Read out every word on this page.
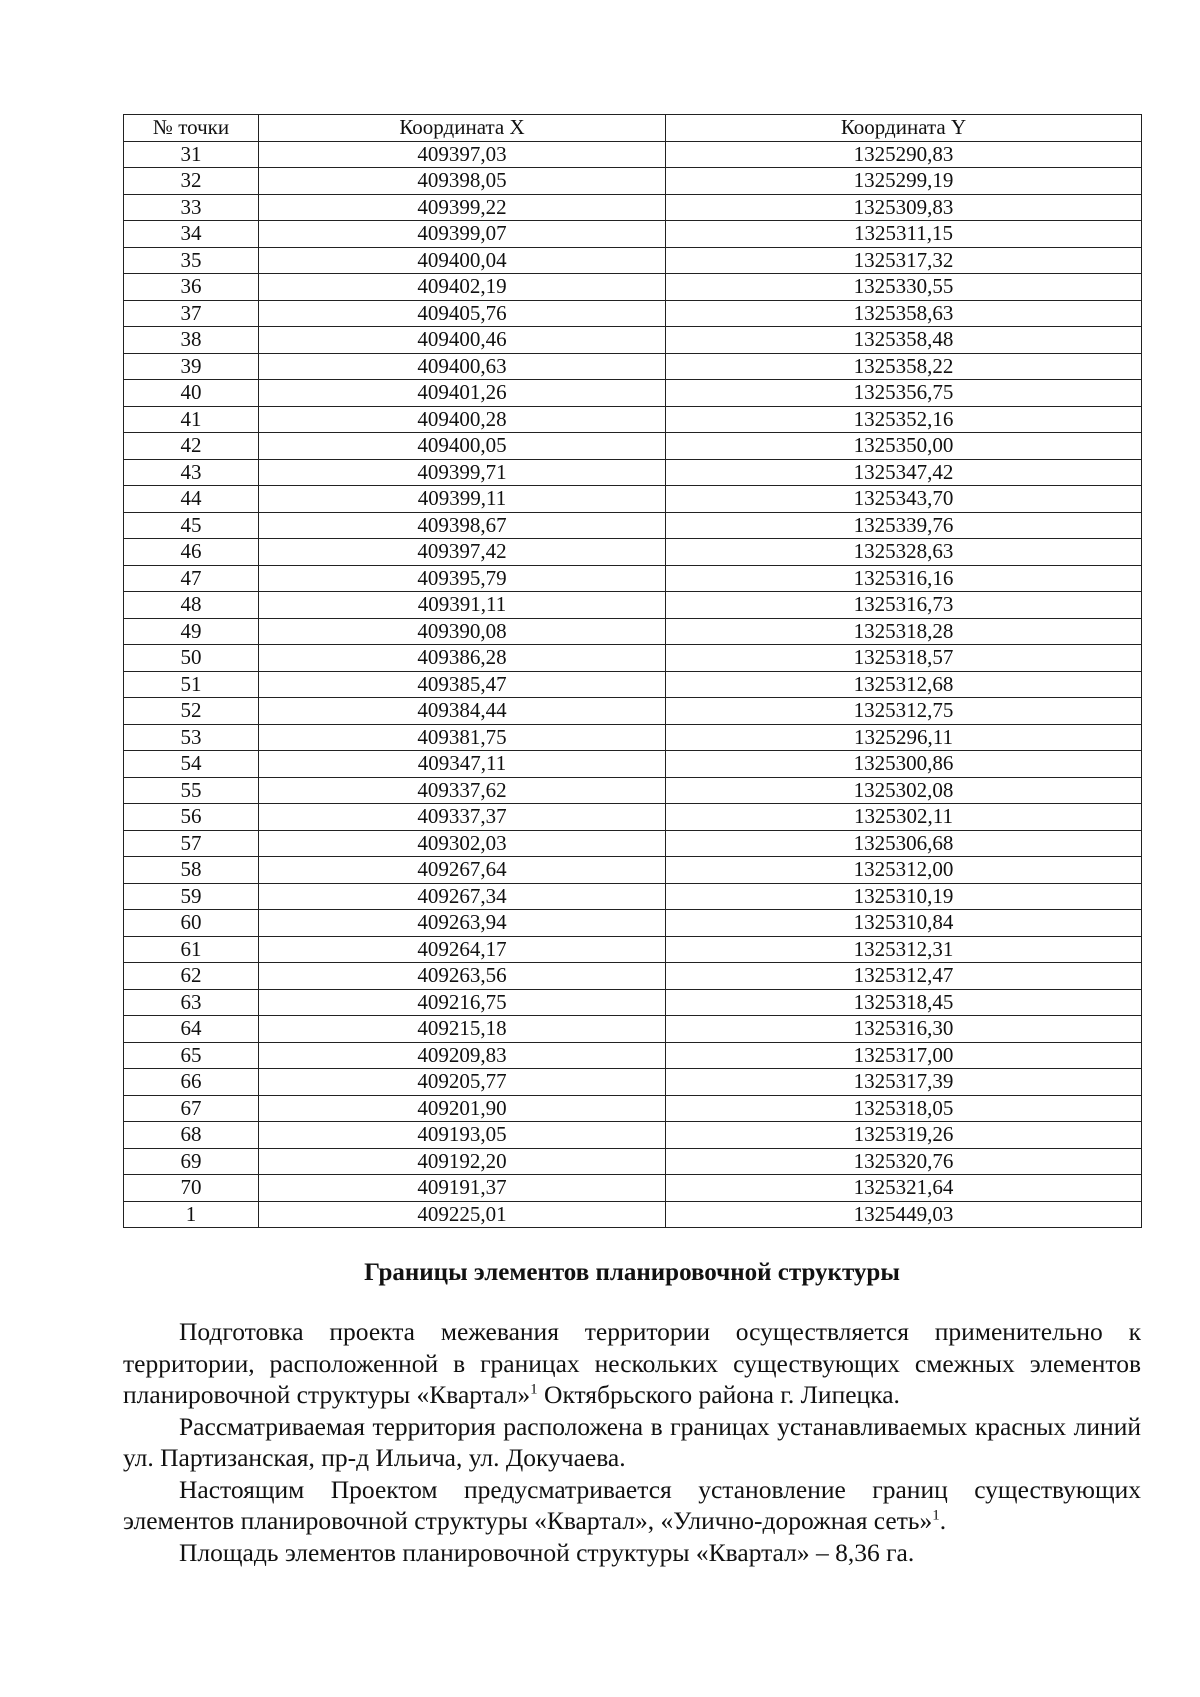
№ точки	Координата X	Координата Y
31	409397,03	1325290,83
32	409398,05	1325299,19
33	409399,22	1325309,83
34	409399,07	1325311,15
35	409400,04	1325317,32
36	409402,19	1325330,55
37	409405,76	1325358,63
38	409400,46	1325358,48
39	409400,63	1325358,22
40	409401,26	1325356,75
41	409400,28	1325352,16
42	409400,05	1325350,00
43	409399,71	1325347,42
44	409399,11	1325343,70
45	409398,67	1325339,76
46	409397,42	1325328,63
47	409395,79	1325316,16
48	409391,11	1325316,73
49	409390,08	1325318,28
50	409386,28	1325318,57
51	409385,47	1325312,68
52	409384,44	1325312,75
53	409381,75	1325296,11
54	409347,11	1325300,86
55	409337,62	1325302,08
56	409337,37	1325302,11
57	409302,03	1325306,68
58	409267,64	1325312,00
59	409267,34	1325310,19
60	409263,94	1325310,84
61	409264,17	1325312,31
62	409263,56	1325312,47
63	409216,75	1325318,45
64	409215,18	1325316,30
65	409209,83	1325317,00
66	409205,77	1325317,39
67	409201,90	1325318,05
68	409193,05	1325319,26
69	409192,20	1325320,76
70	409191,37	1325321,64
1	409225,01	1325449,03
Границы элементов планировочной структуры

Подготовка проекта межевания территории осуществляется применительно к территории, расположенной в границах нескольких существующих смежных элементов планировочной структуры «Квартал»$^1$ Октябрьского района г. Липецка.

Рассматриваемая территория расположена в границах устанавливаемых красных линий ул. Партизанская, пр-д Ильича, ул. Докучаева.

Настоящим Проектом предусматривается установление границ существующих элементов планировочной структуры «Квартал», «Улично-дорожная сеть»$^1$.

Площадь элементов планировочной структуры «Квартал» – 8,36 га.
